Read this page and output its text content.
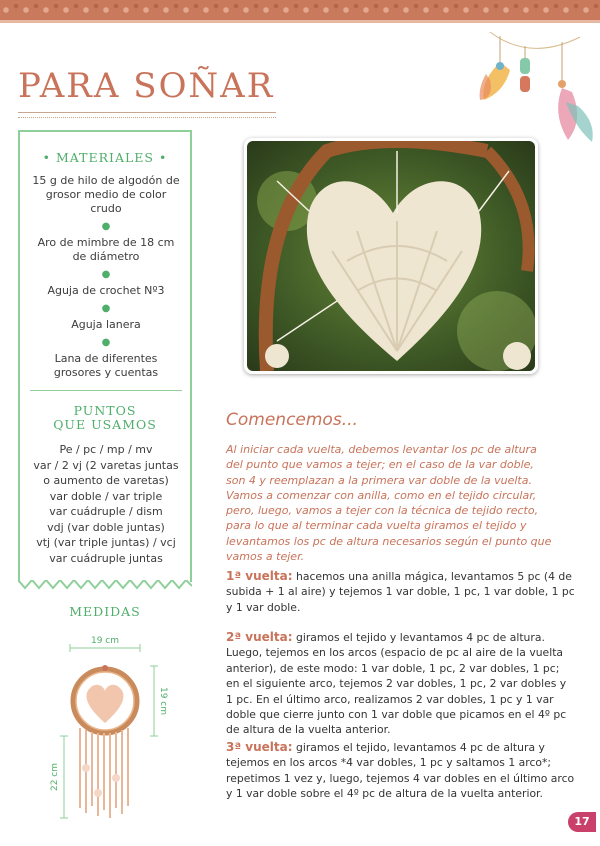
PARA SOÑAR
• MATERIALES •
15 g de hilo de algodón de grosor medio de color crudo
●
Aro de mimbre de 18 cm de diámetro
●
Aguja de crochet Nº3
●
Aguja lanera
●
Lana de diferentes grosores y cuentas
PUNTOS
QUE USAMOS
Pe / pc / mp / mv
var / 2 vj (2 varetas juntas
o aumento de varetas)
var doble / var triple
var cuádruple / dism
vdj (var doble juntas)
vtj (var triple juntas) / vcj
var cuádruple juntas
MEDIDAS
19 cm
19 cm
22 cm
Comencemos...

Al iniciar cada vuelta, debemos levantar los pc de altura del punto que vamos a tejer; en el caso de la var doble, son 4 y reemplazan a la primera var doble de la vuelta.

Vamos a comenzar con anilla, como en el tejido circular, pero, luego, vamos a tejer con la técnica de tejido recto, para lo que al terminar cada vuelta giramos el tejido y levantamos los pc de altura necesarios según el punto que vamos a tejer.

1ª vuelta: hacemos una anilla mágica, levantamos 5 pc (4 de subida + 1 al aire) y tejemos 1 var doble, 1 pc, 1 var doble, 1 pc y 1 var doble.
2ª vuelta: giramos el tejido y levantamos 4 pc de altura. Luego, tejemos en los arcos (espacio de pc al aire de la vuelta anterior), de este modo: 1 var doble, 1 pc, 2 var dobles, 1 pc; en el siguiente arco, tejemos 2 var dobles, 1 pc, 2 var dobles y 1 pc. En el último arco, realizamos 2 var dobles, 1 pc y 1 var doble que cierre junto con 1 var doble que picamos en el 4º pc de altura de la vuelta anterior.
3ª vuelta: giramos el tejido, levantamos 4 pc de altura y tejemos en los arcos *4 var dobles, 1 pc y saltamos 1 arco*; repetimos 1 vez y, luego, tejemos 4 var dobles en el último arco y 1 var doble sobre el 4º pc de altura de la vuelta anterior.
17
